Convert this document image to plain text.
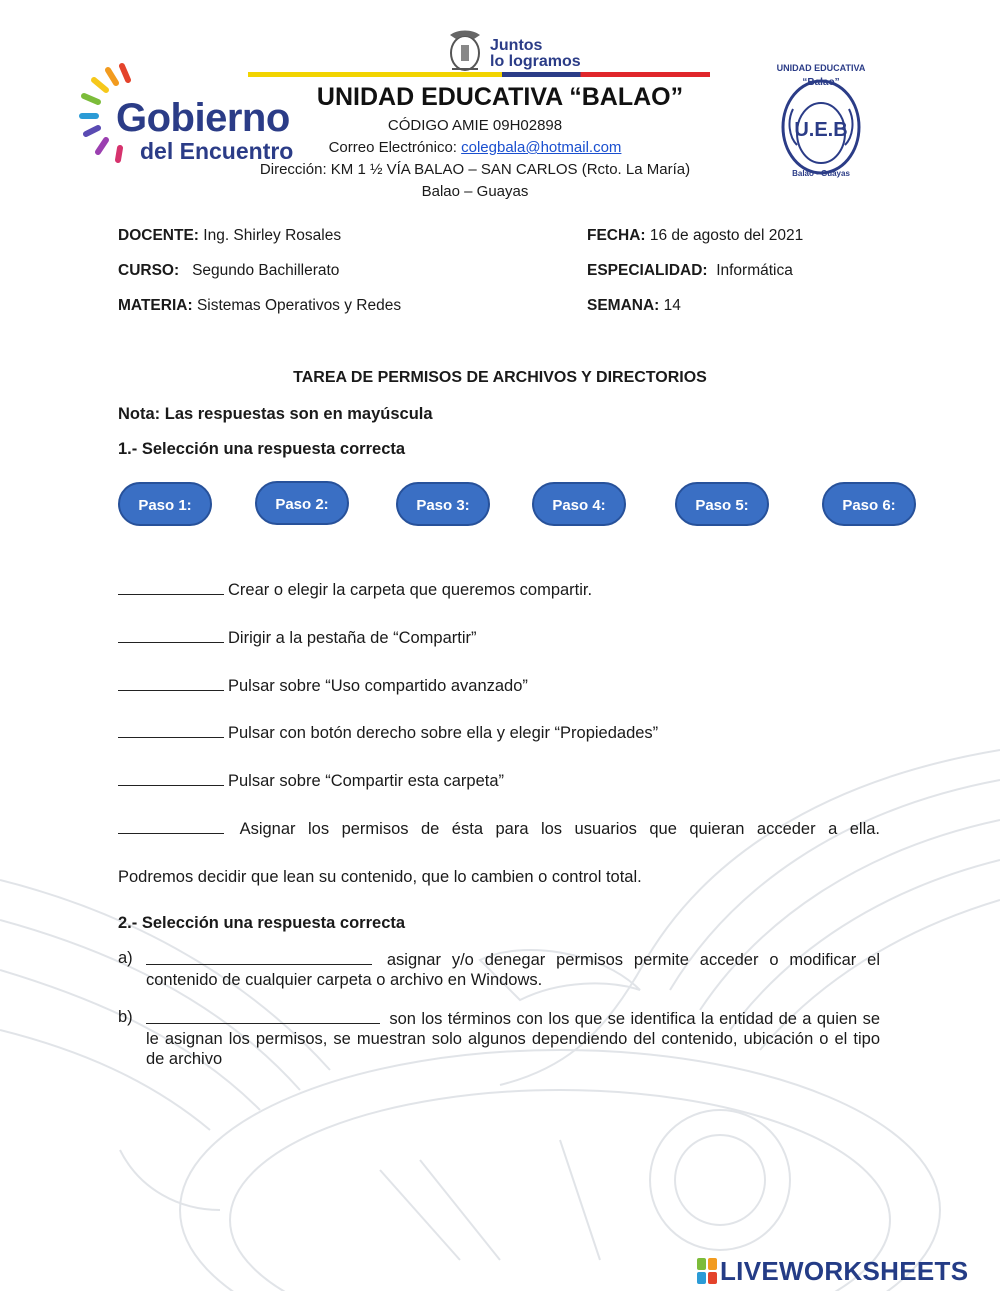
Gobierno
del Encuentro
Juntos
lo logramos
UNIDAD EDUCATIVA “BALAO”
CÓDIGO AMIE 09H02898
Correo Electrónico: colegbala@hotmail.com
Dirección: KM 1 ½ VÍA BALAO – SAN CARLOS (Rcto. La María)
Balao – Guayas
UNIDAD EDUCATIVA
“Balao”
U.E.B
Balao - Guayas
DOCENTE: Ing. Shirley Rosales	FECHA: 16 de agosto del 2021
CURSO: Segundo Bachillerato	ESPECIALIDAD: Informática
MATERIA: Sistemas Operativos y Redes	SEMANA: 14
TAREA DE PERMISOS DE ARCHIVOS Y DIRECTORIOS
Nota: Las respuestas son en mayúscula
1.- Selección una respuesta correcta
Paso 1:	Paso 2:	Paso 3:	Paso 4:	Paso 5:	Paso 6:
Crear o elegir la carpeta que queremos compartir.
Dirigir a la pestaña de “Compartir”
Pulsar sobre “Uso compartido avanzado”
Pulsar con botón derecho sobre ella y elegir “Propiedades”
Pulsar sobre “Compartir esta carpeta”
Asignar los permisos de ésta para los usuarios que quieran acceder a ella.
Podremos decidir que lean su contenido, que lo cambien o control total.
2.- Selección una respuesta correcta
a)	asignar y/o denegar permisos permite acceder o modificar el contenido de cualquier carpeta o archivo en Windows.
b)	son los términos con los que se identifica la entidad de a quien se le asignan los permisos, se muestran solo algunos dependiendo del contenido, ubicación o el tipo de archivo
LIVEWORKSHEETS
